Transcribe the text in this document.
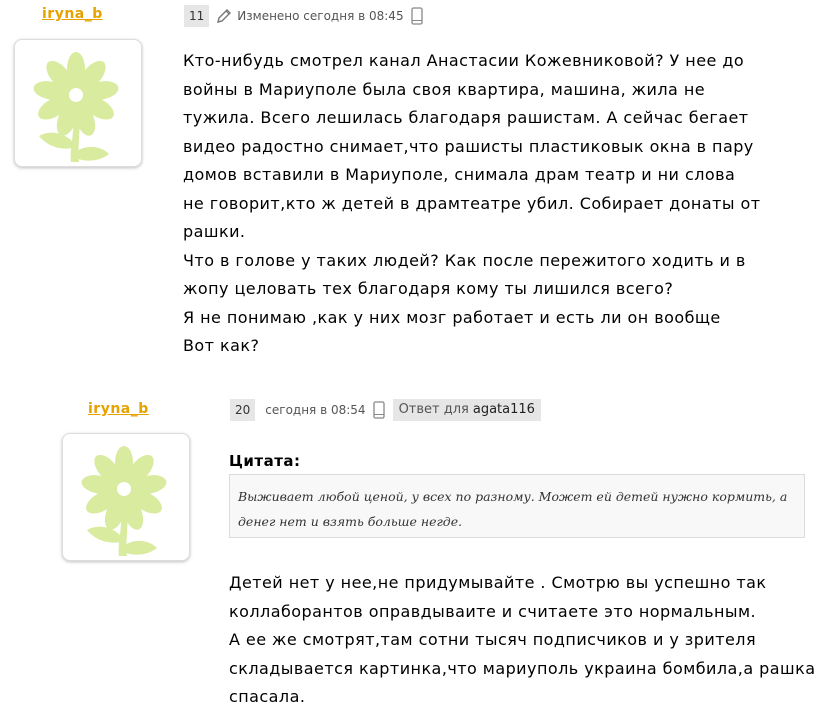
iryna_b	11	Изменено сегодня в 08:45
Кто-нибудь смотрел канал Анастасии Кожевниковой? У нее до
войны в Мариуполе была своя квартира, машина, жила не
тужила. Всего лешилась благодаря рашистам. А сейчас бегает
видео радостно снимает,что рашисты пластиковык окна в пару
домов вставили в Мариуполе, снимала драм театр и ни слова
не говорит,кто ж детей в драмтеатре убил. Собирает донаты от
рашки.
Что в голове у таких людей? Как после пережитого ходить и в
жопу целовать тех благодаря кому ты лишился всего?
Я не понимаю ,как у них мозг работает и есть ли он вообще
Вот как?
iryna_b	20	сегодня в 08:54	Ответ для agata116
Цитата:
Выживает любой ценой, у всех по разному. Может ей детей нужно кормить, а
денег нет и взять больше негде.
Детей нет у нее,не придумывайте . Смотрю вы успешно так
коллаборантов оправдываите и считаете это нормальным.
А ее же смотрят,там сотни тысяч подписчиков и у зрителя
складывается картинка,что мариуполь украина бомбила,а рашка
спасала.
